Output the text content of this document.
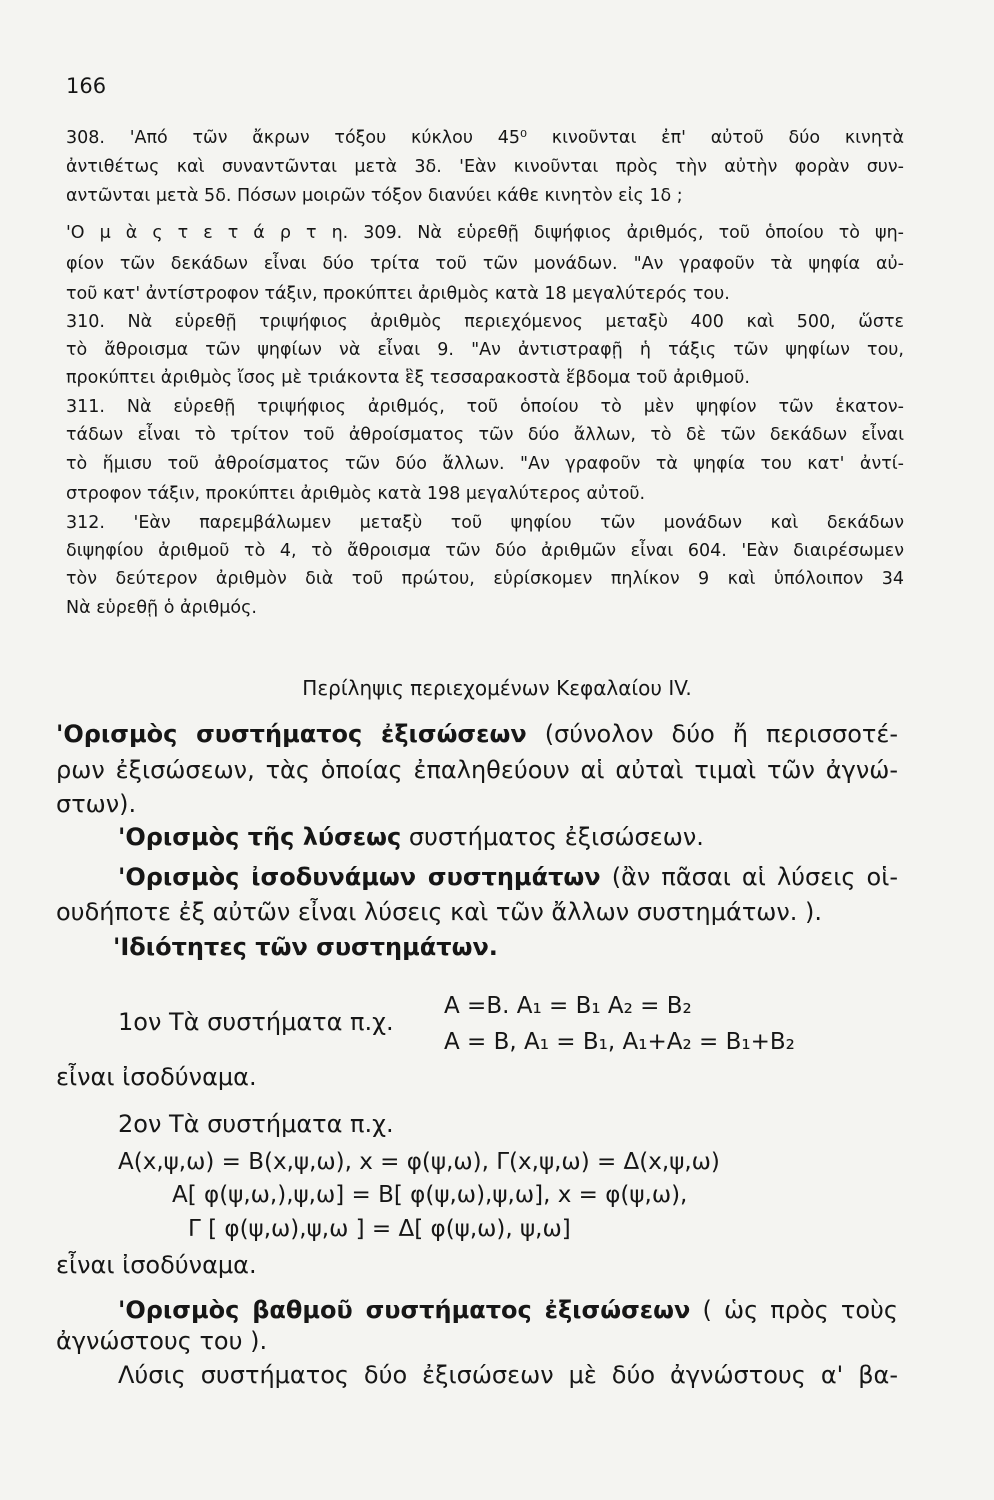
166
308. 'Από τῶν ἄκρων τόξου κύκλου 45⁰ κινοῦνται ἐπ' αὐτοῦ δύο κινητὰ
ἀντιθέτως καὶ συναντῶνται μετὰ 3δ. 'Εὰν κινοῦνται πρὸς τὴν αὐτὴν φορὰν συν-
αντῶνται μετὰ 5δ. Πόσων μοιρῶν τόξον διανύει κάθε κινητὸν εἰς 1δ ;
'Ο μ ὰ ς τ ε τ ά ρ τ η. 309. Νὰ εὑρεθῇ διψήφιος ἀριθμός, τοῦ ὁποίου τὸ ψη-
φίον τῶν δεκάδων εἶναι δύο τρίτα τοῦ τῶν μονάδων. "Αν γραφοῦν τὰ ψηφία αὐ-
τοῦ κατ' ἀντίστροφον τάξιν, προκύπτει ἀριθμὸς κατὰ 18 μεγαλύτερός του.
310. Νὰ εὑρεθῇ τριψήφιος ἀριθμὸς περιεχόμενος μεταξὺ 400 καὶ 500, ὥστε
τὸ ἄθροισμα τῶν ψηφίων νὰ εἶναι 9. "Αν ἀντιστραφῇ ἡ τάξις τῶν ψηφίων του,
προκύπτει ἀριθμὸς ἴσος μὲ τριάκοντα ἓξ τεσσαρακοστὰ ἕβδομα τοῦ ἀριθμοῦ.
311. Νὰ εὑρεθῇ τριψήφιος ἀριθμός, τοῦ ὁποίου τὸ μὲν ψηφίον τῶν ἑκατον-
τάδων εἶναι τὸ τρίτον τοῦ ἀθροίσματος τῶν δύο ἄλλων, τὸ δὲ τῶν δεκάδων εἶναι
τὸ ἥμισυ τοῦ ἀθροίσματος τῶν δύο ἄλλων. "Αν γραφοῦν τὰ ψηφία του κατ' ἀντί-
στροφον τάξιν, προκύπτει ἀριθμὸς κατὰ 198 μεγαλύτερος αὐτοῦ.
312. 'Εὰν παρεμβάλωμεν μεταξὺ τοῦ ψηφίου τῶν μονάδων καὶ δεκάδων
διψηφίου ἀριθμοῦ τὸ 4, τὸ ἄθροισμα τῶν δύο ἀριθμῶν εἶναι 604. 'Εὰν διαιρέσωμεν
τὸν δεύτερον ἀριθμὸν διὰ τοῦ πρώτου, εὑρίσκομεν πηλίκον 9 καὶ ὑπόλοιπον 34
Νὰ εὑρεθῇ ὁ ἀριθμός.
Περίληψις περιεχομένων Κεφαλαίου IV.
'Ορισμὸς συστήματος ἐξισώσεων (σύνολον δύο ἤ περισσοτέ-
ρων ἐξισώσεων, τὰς ὁποίας ἐπαληθεύουν αἱ αὐταὶ τιμαὶ τῶν ἀγνώ-
στων).
'Ορισμὸς τῆς λύσεως συστήματος ἐξισώσεων.
'Ορισμὸς ἰσοδυνάμων συστημάτων (ἂν πᾶσαι αἱ λύσεις οἱ-
ουδήποτε ἐξ αὐτῶν εἶναι λύσεις καὶ τῶν ἄλλων συστημάτων. ).
'Ιδιότητες τῶν συστημάτων.
1ον Τὰ συστήματα π.χ.
A =B. A₁ = B₁ A₂ = B₂
A = B, A₁ = B₁, A₁+A₂ = B₁+B₂
εἶναι ἰσοδύναμα.
2ον Τὰ συστήματα π.χ.
A(x,ψ,ω) = B(x,ψ,ω), x = φ(ψ,ω), Γ(x,ψ,ω) = Δ(x,ψ,ω)
A[ φ(ψ,ω,),ψ,ω] = B[ φ(ψ,ω),ψ,ω], x = φ(ψ,ω),
Γ [ φ(ψ,ω),ψ,ω ] = Δ[ φ(ψ,ω), ψ,ω]
εἶναι ἰσοδύναμα.
'Ορισμὸς βαθμοῦ συστήματος ἐξισώσεων ( ὡς πρὸς τοὺς
ἀγνώστους του ).
Λύσις συστήματος δύο ἐξισώσεων μὲ δύο ἀγνώστους α' βα-
